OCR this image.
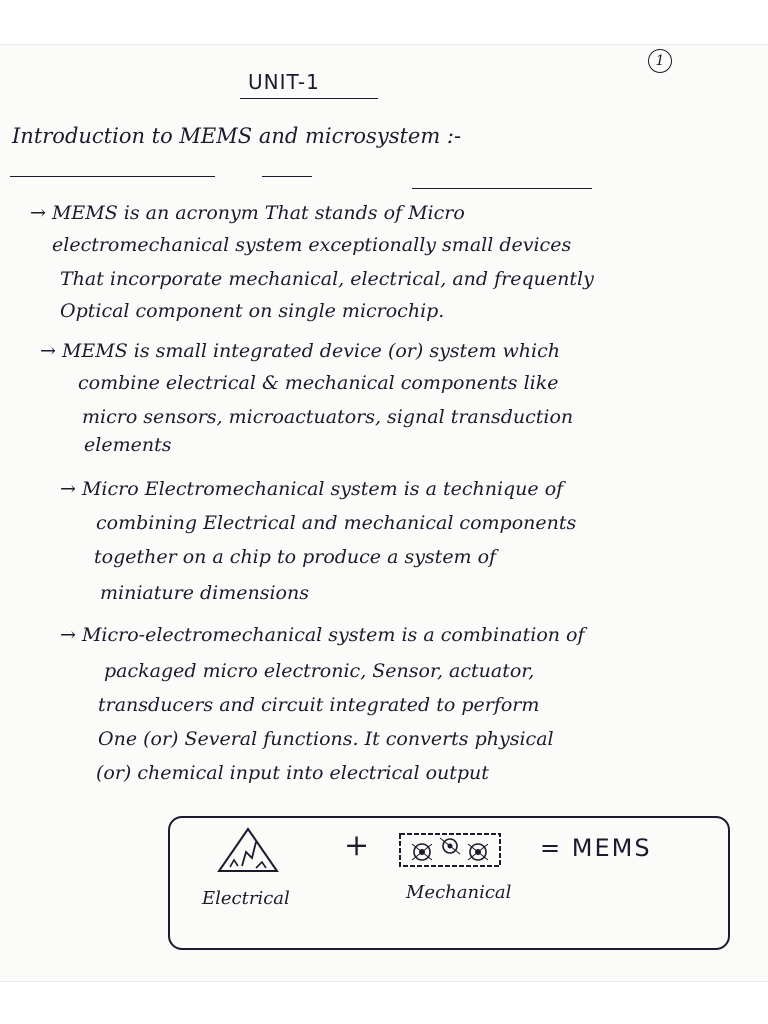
1
UNIT-1
Introduction to MEMS and microsystem :-
→ MEMS is an acronym That stands of Micro
electromechanical system exceptionally small devices
That incorporate mechanical, electrical, and frequently
Optical component on single microchip.
→ MEMS is small integrated device (or) system which
combine electrical & mechanical components like
micro sensors, microactuators, signal transduction
elements
→ Micro Electromechanical system is a technique of
combining Electrical and mechanical components
together on a chip to produce a system of
miniature dimensions
→ Micro-electromechanical system is a combination of
packaged micro electronic, Sensor, actuator,
transducers and circuit integrated to perform
One (or) Several functions. It converts physical
(or) chemical input into electrical output
+	= MEMS
Electrical	Mechanical
